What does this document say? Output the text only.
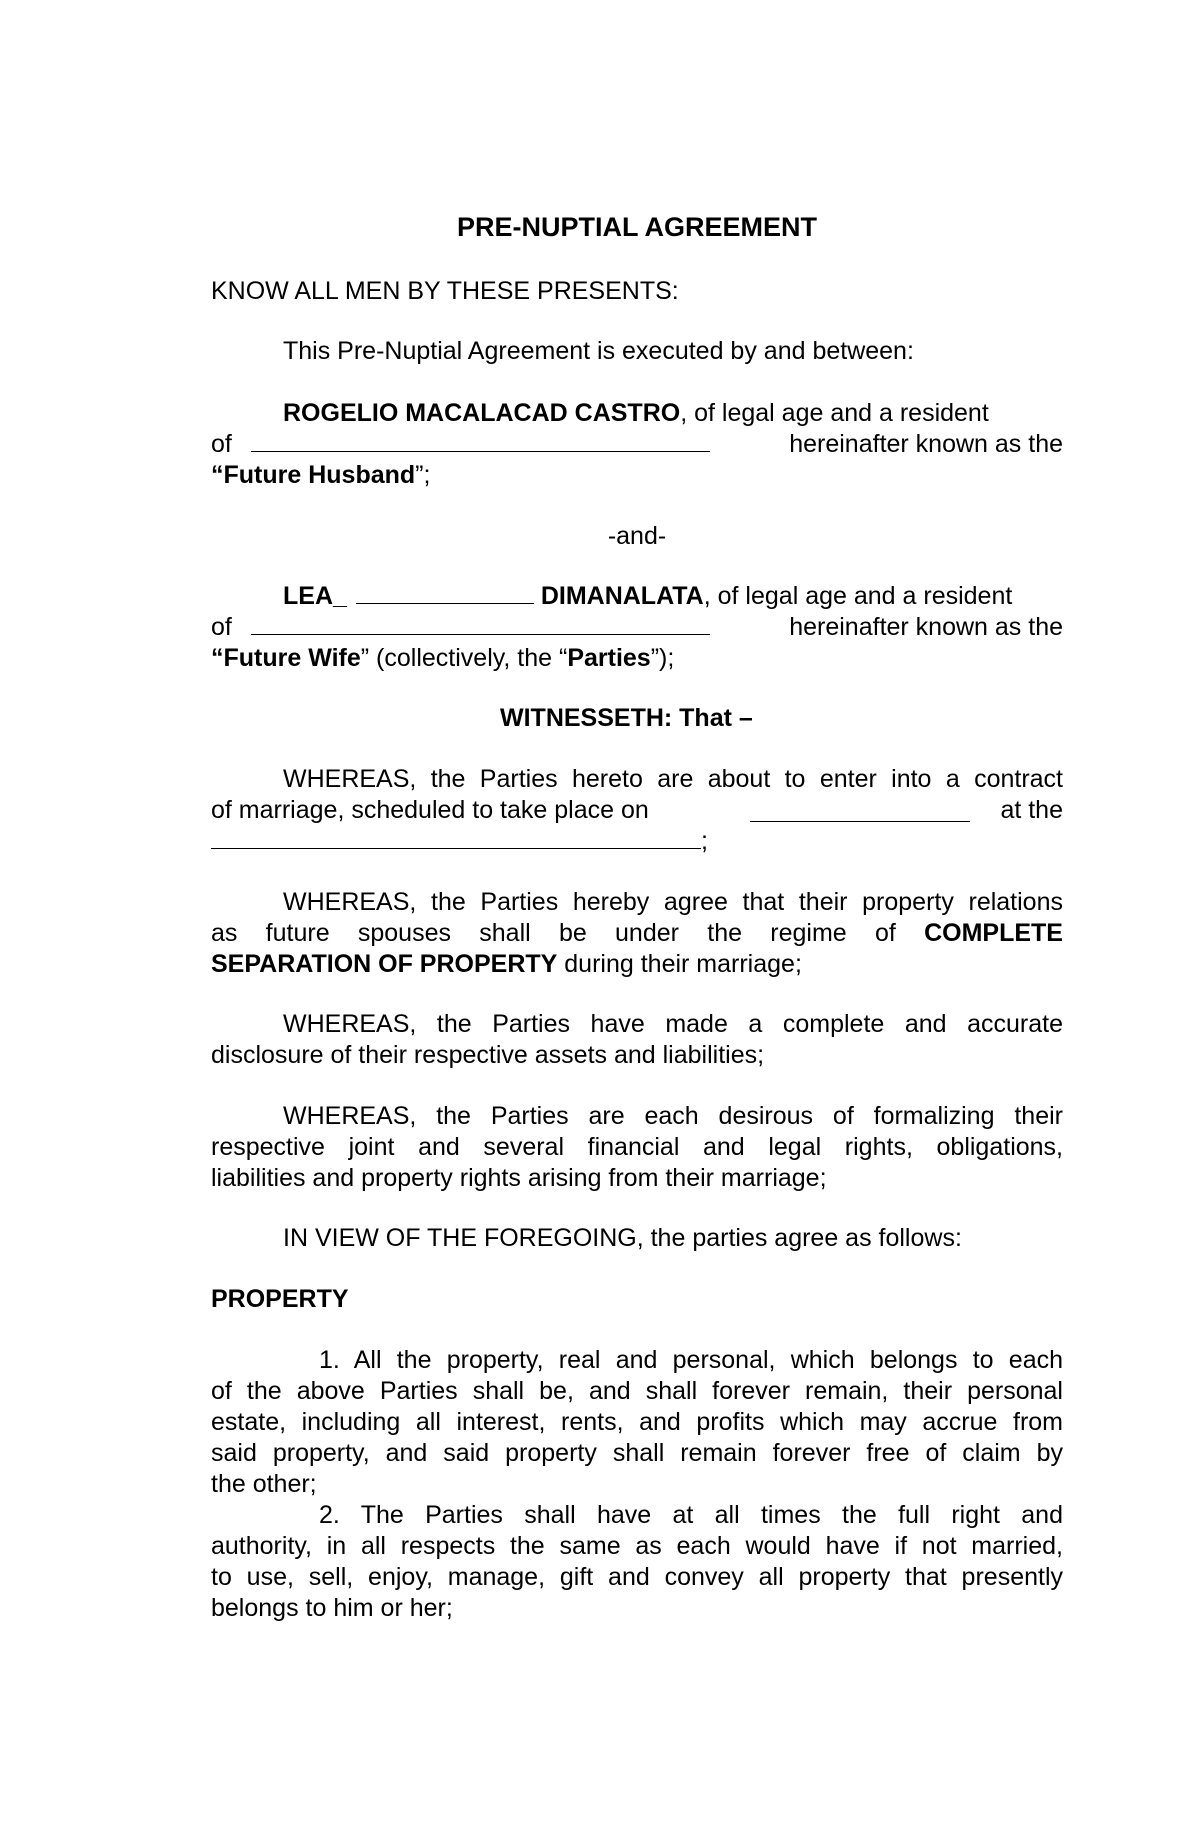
PRE-NUPTIAL AGREEMENT
KNOW ALL MEN BY THESE PRESENTS:
This Pre-Nuptial Agreement is executed by and between:
ROGELIO MACALACAD CASTRO, of legal age and a resident
of	hereinafter known as the
“Future Husband”;
-and-
LEA_	DIMANALATA, of legal age and a resident
of	hereinafter known as the
“Future Wife” (collectively, the “Parties”);
WITNESSETH: That –
WHEREAS, the Parties hereto are about to enter into a contract
of marriage, scheduled to take place on	at the
;
WHEREAS, the Parties hereby agree that their property relations
as future spouses shall be under the regime of COMPLETE
SEPARATION OF PROPERTY during their marriage;
WHEREAS, the Parties have made a complete and accurate
disclosure of their respective assets and liabilities;
WHEREAS, the Parties are each desirous of formalizing their
respective joint and several financial and legal rights, obligations,
liabilities and property rights arising from their marriage;
IN VIEW OF THE FOREGOING, the parties agree as follows:
PROPERTY
1. All the property, real and personal, which belongs to each
of the above Parties shall be, and shall forever remain, their personal
estate, including all interest, rents, and profits which may accrue from
said property, and said property shall remain forever free of claim by
the other;
2. The Parties shall have at all times the full right and
authority, in all respects the same as each would have if not married,
to use, sell, enjoy, manage, gift and convey all property that presently
belongs to him or her;
